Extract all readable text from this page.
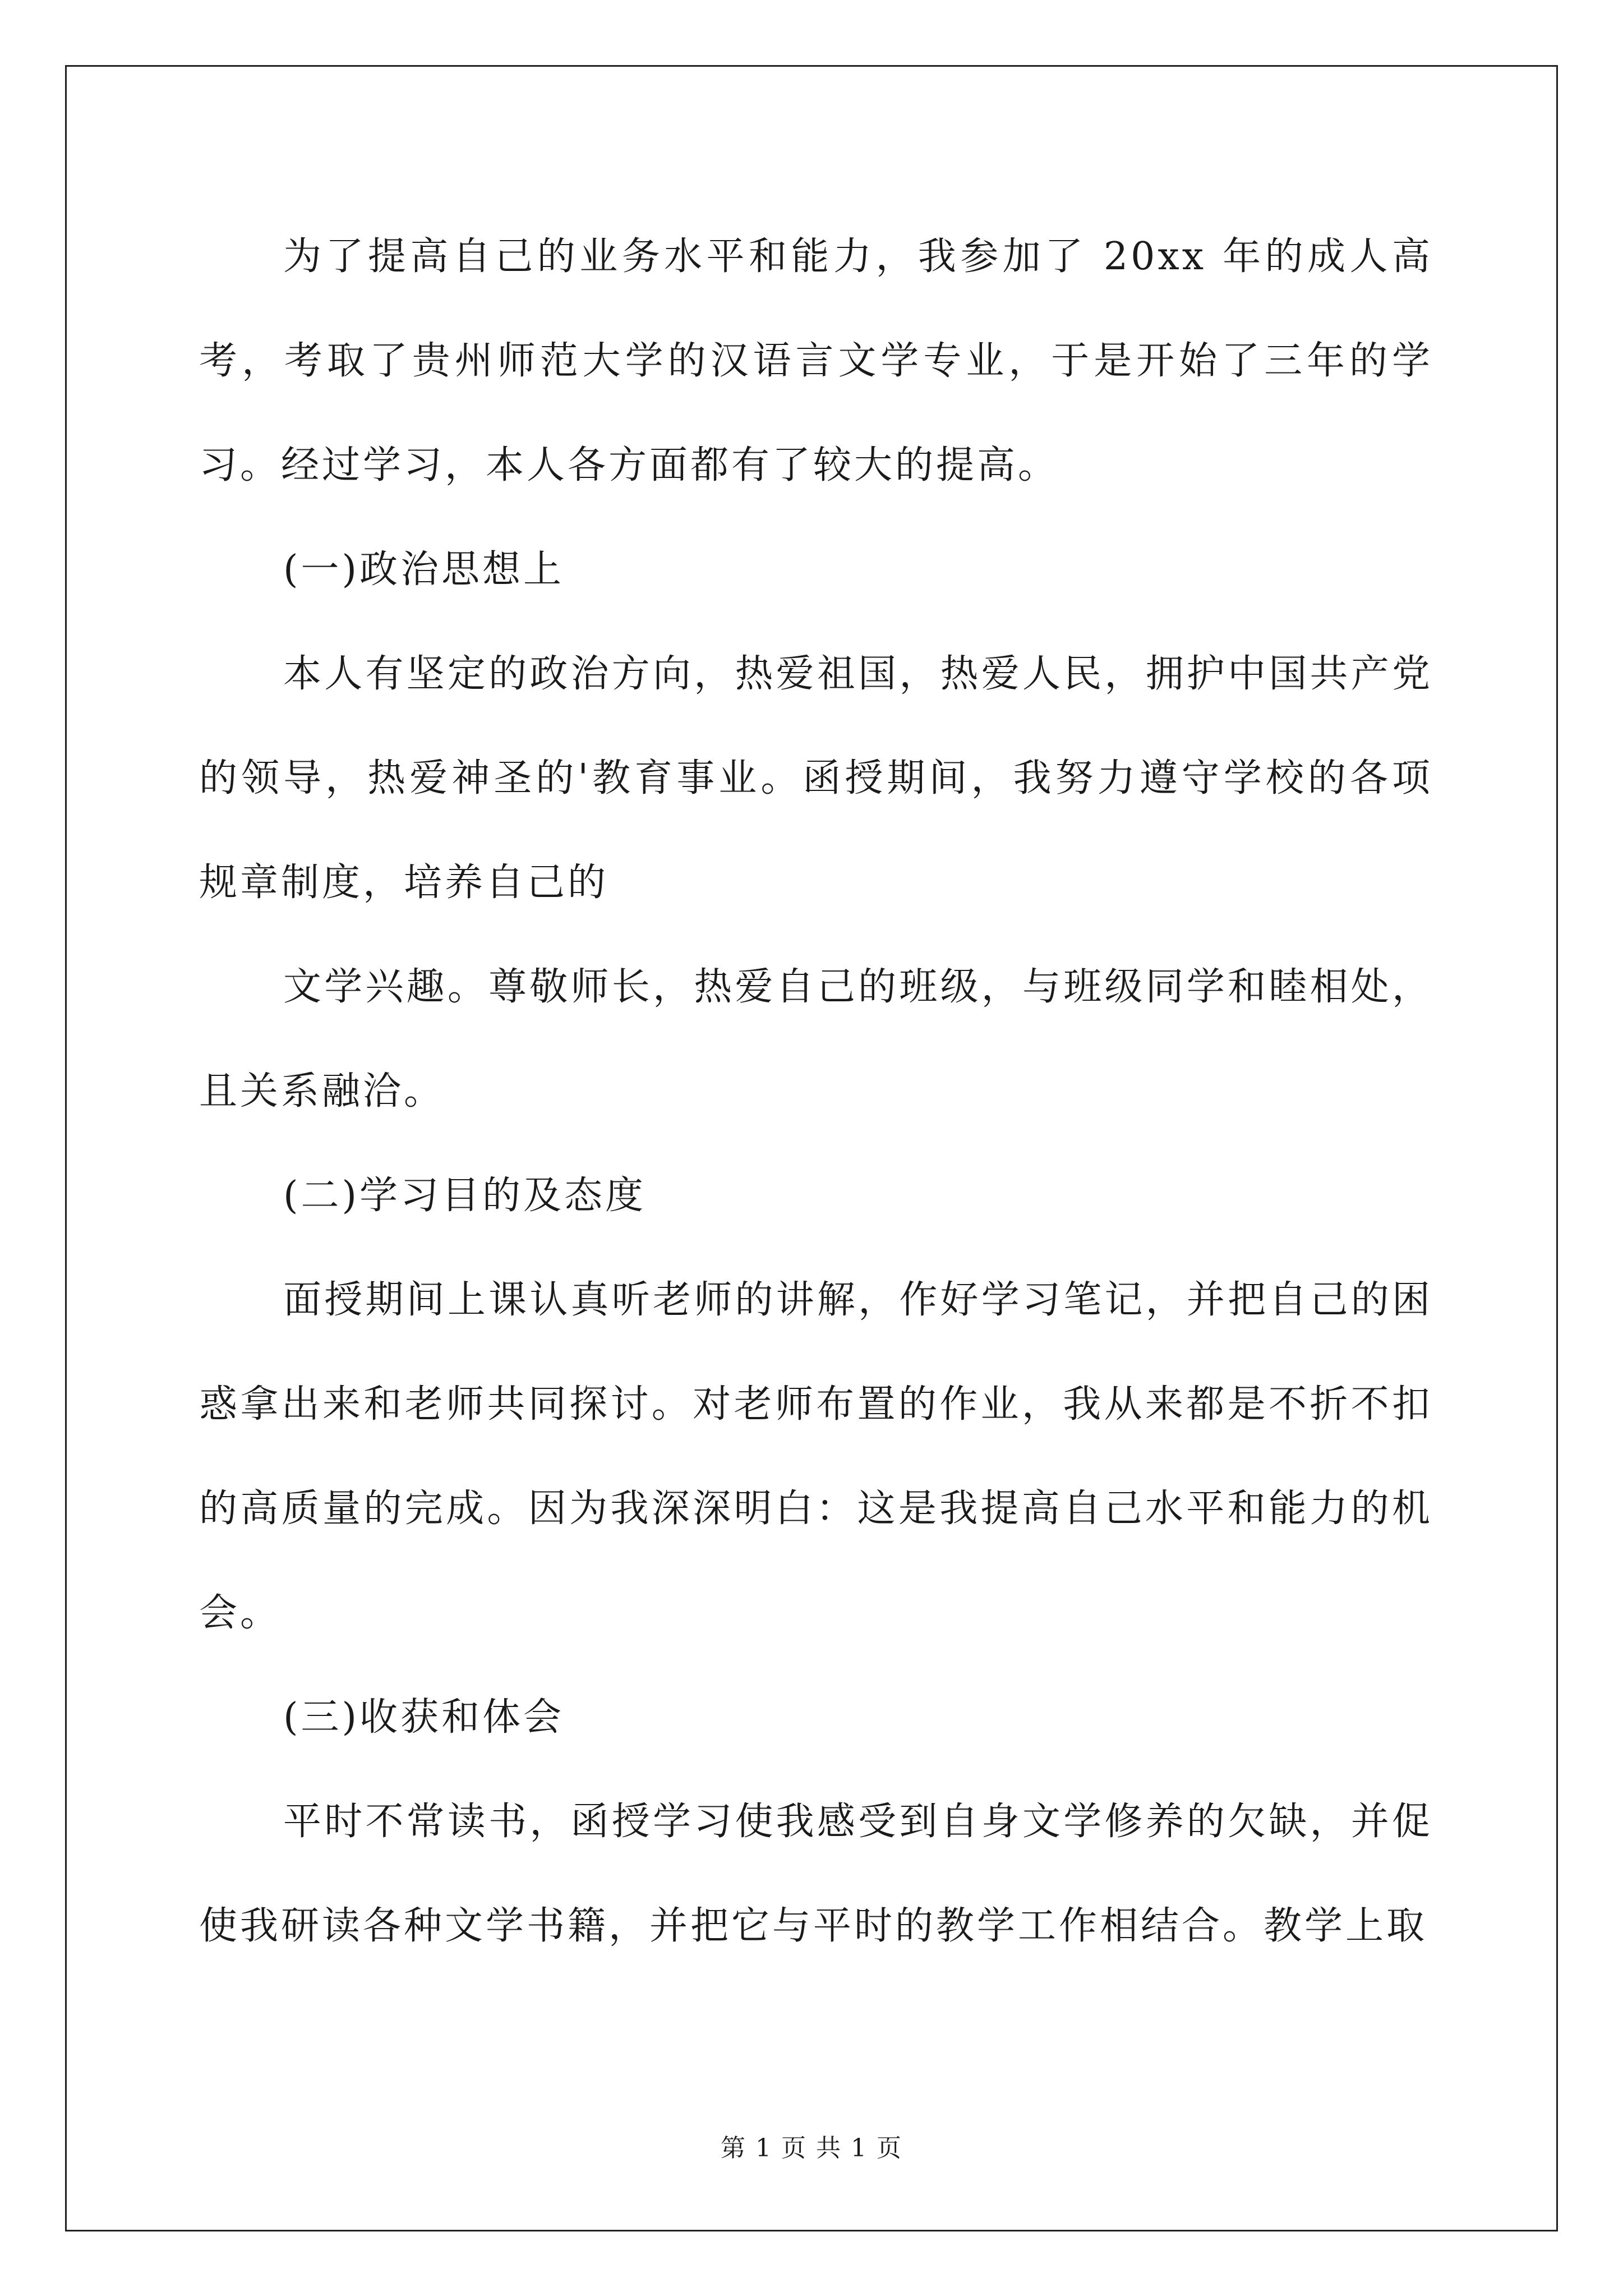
为了提高自己的业务水平和能力，我参加了 20xx 年的成人高考，考取了贵州师范大学的汉语言文学专业，于是开始了三年的学习。经过学习，本人各方面都有了较大的提高。

(一)政治思想上

本人有坚定的政治方向，热爱祖国，热爱人民，拥护中国共产党的领导，热爱神圣的'教育事业。函授期间，我努力遵守学校的各项规章制度，培养自己的

文学兴趣。尊敬师长，热爱自己的班级，与班级同学和睦相处，且关系融洽。

(二)学习目的及态度

面授期间上课认真听老师的讲解，作好学习笔记，并把自己的困惑拿出来和老师共同探讨。对老师布置的作业，我从来都是不折不扣的高质量的完成。因为我深深明白：这是我提高自己水平和能力的机会。

(三)收获和体会

平时不常读书，函授学习使我感受到自身文学修养的欠缺，并促使我研读各种文学书籍，并把它与平时的教学工作相结合。教学上取

第 1 页 共 1 页
